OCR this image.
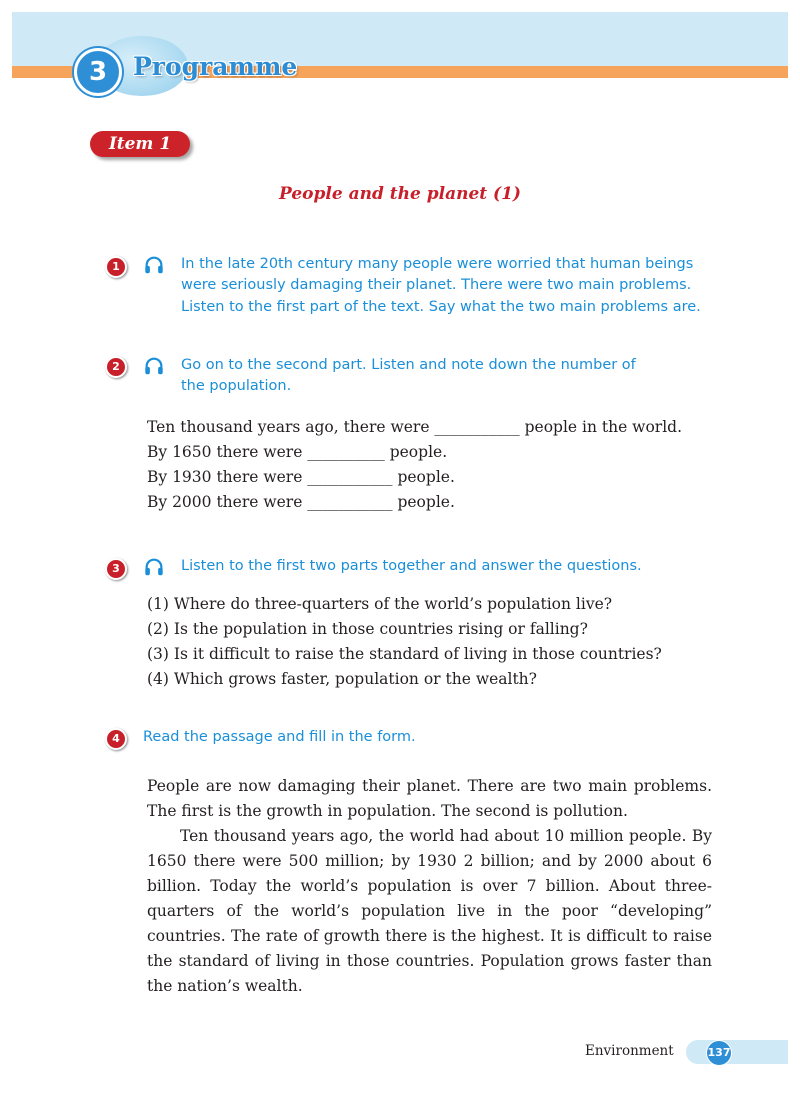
3	Programme
Item 1
People and the planet (1)
1	In the late 20th century many people were worried that human beings
were seriously damaging their planet. There were two main problems.
Listen to the first part of the text. Say what the two main problems are.
2	Go on to the second part. Listen and note down the number of
the population.
Ten thousand years ago, there were ___________ people in the world.
By 1650 there were __________ people.
By 1930 there were ___________ people.
By 2000 there were ___________ people.
3	Listen to the first two parts together and answer the questions.
(1) Where do three-quarters of the world’s population live?
(2) Is the population in those countries rising or falling?
(3) Is it difficult to raise the standard of living in those countries?
(4) Which grows faster, population or the wealth?
4	Read the passage and fill in the form.

People are now damaging their planet. There are two main problems. The first is the growth in population. The second is pollution.

Ten thousand years ago, the world had about 10 million people. By 1650 there were 500 million; by 1930 2 billion; and by 2000 about 6 billion. Today the world’s population is over 7 billion. About three-quarters of the world’s population live in the poor “developing” countries. The rate of growth there is the highest. It is difficult to raise the standard of living in those countries. Population grows faster than the nation’s wealth.

Environment	137
